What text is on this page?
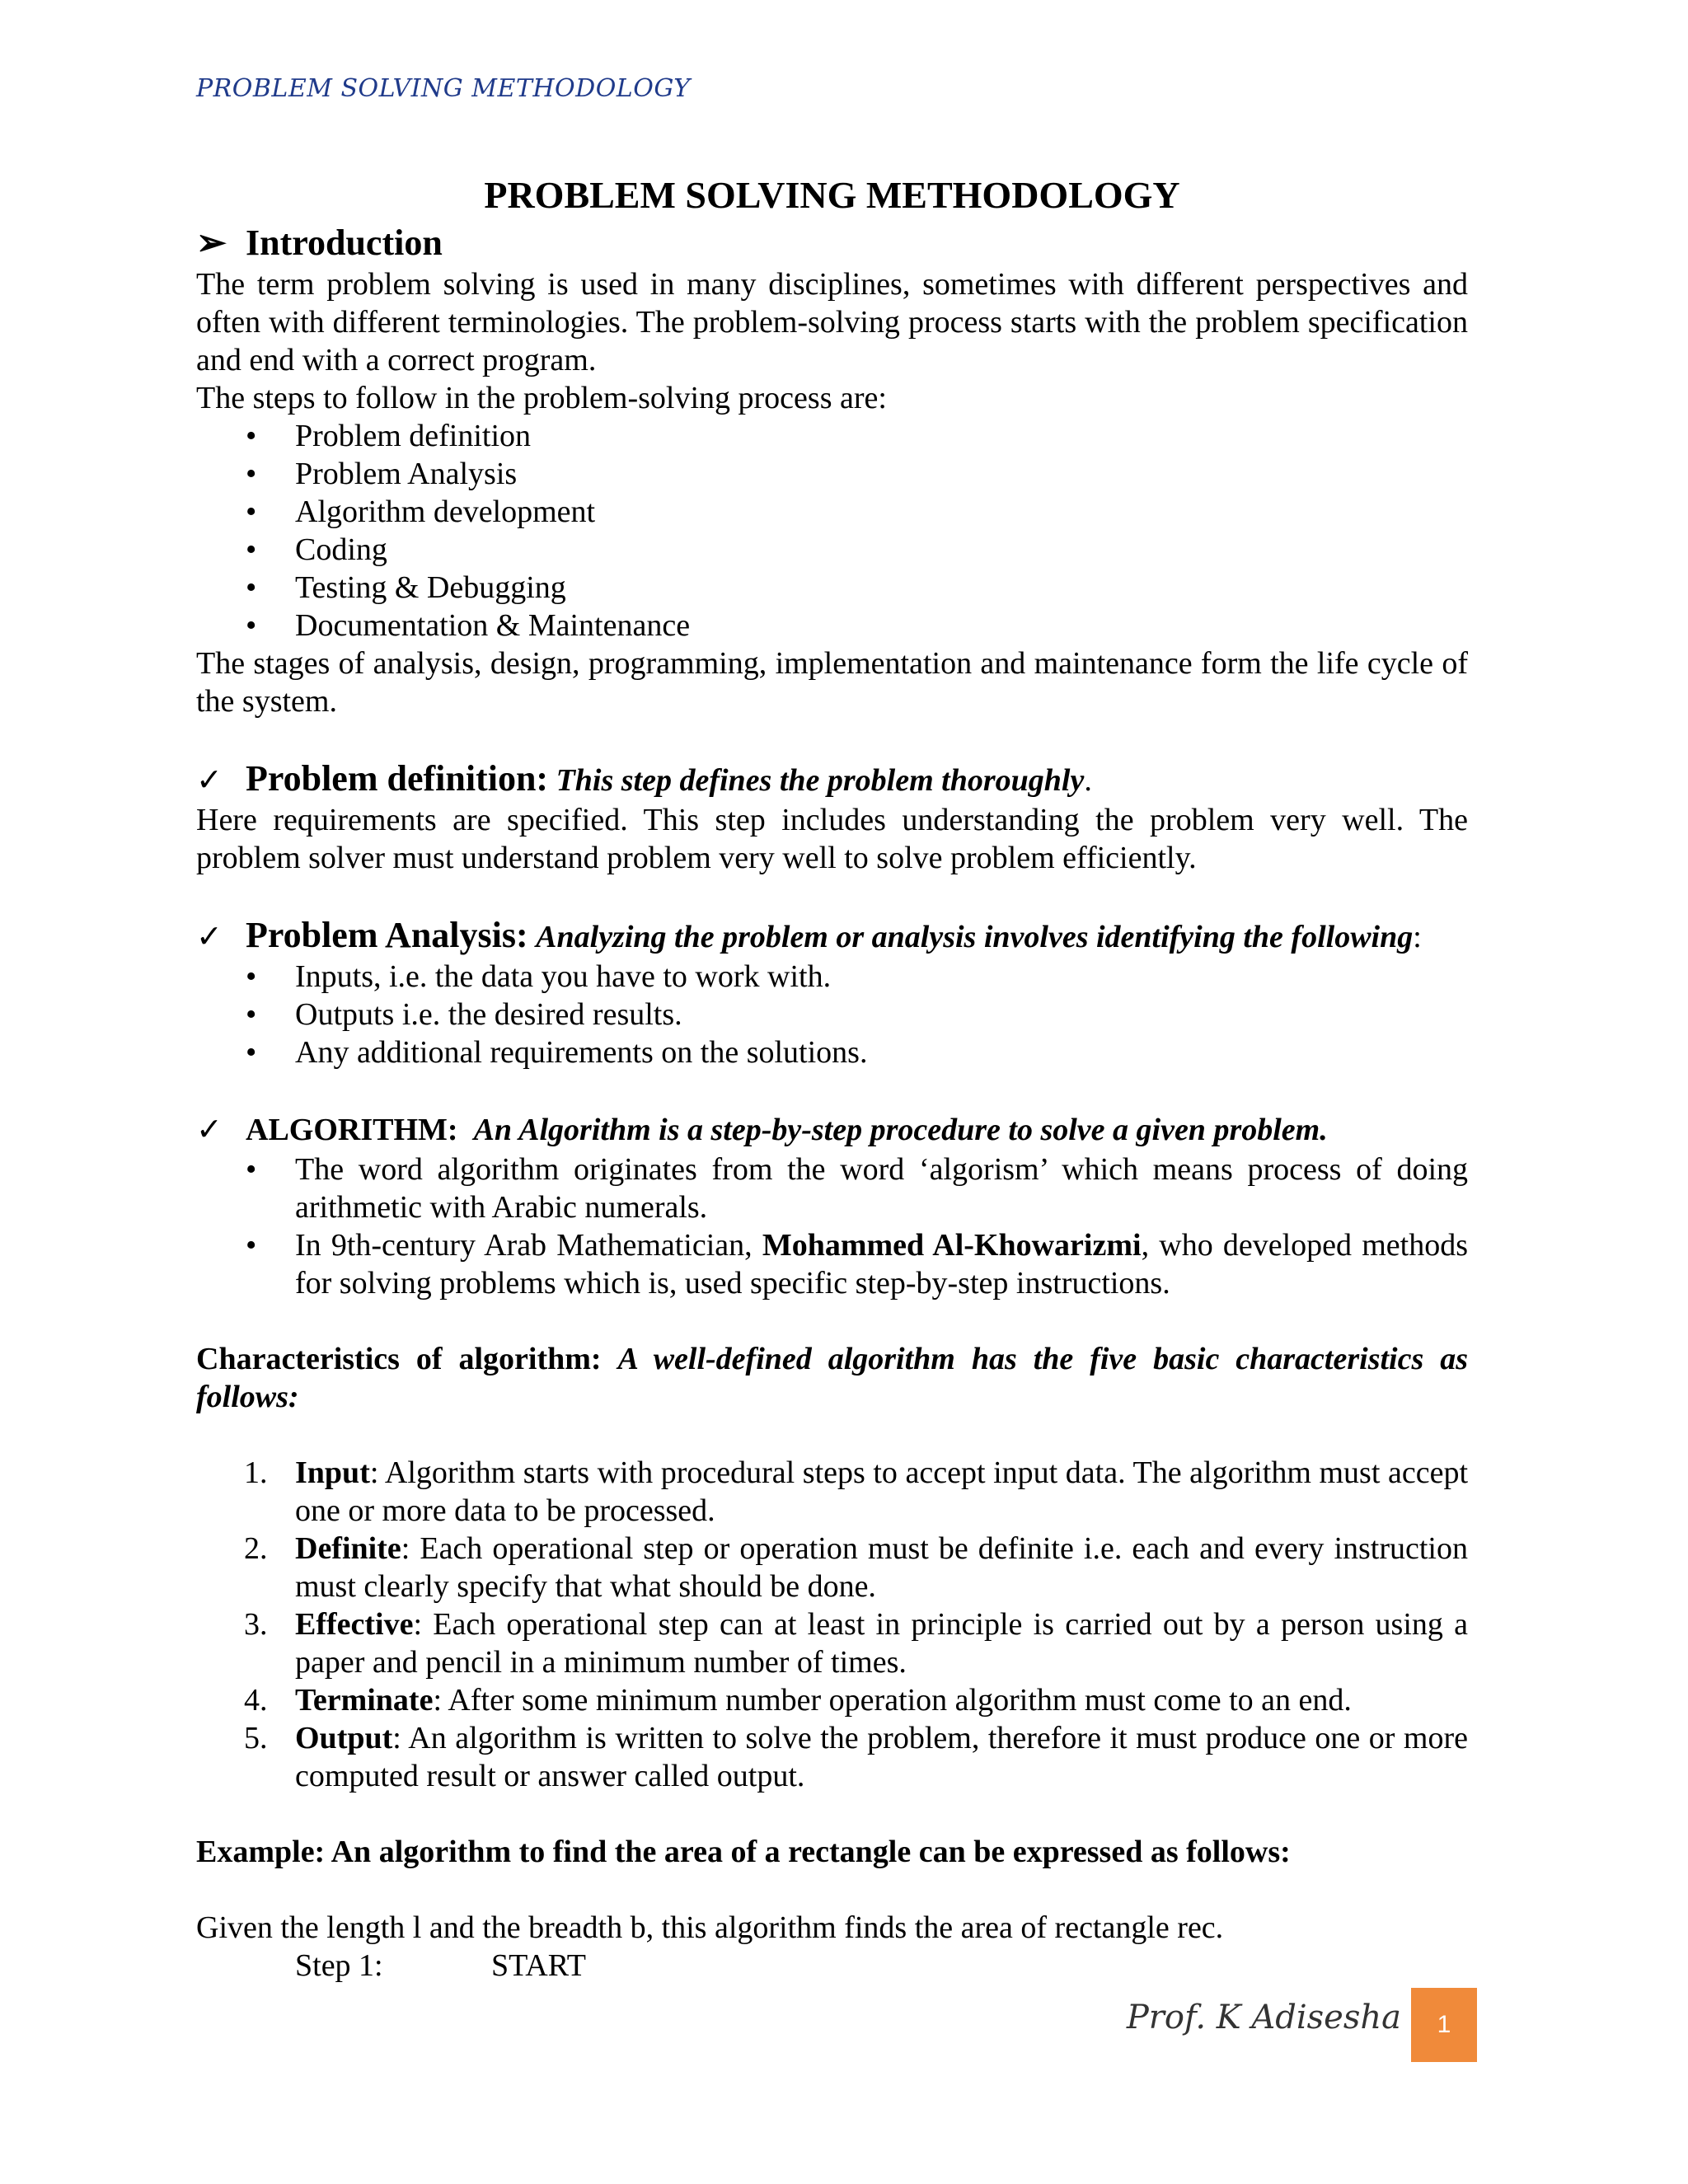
PROBLEM SOLVING METHODOLOGY
PROBLEM SOLVING METHODOLOGY
➢ Introduction

The term problem solving is used in many disciplines, sometimes with different perspectives and often with different terminologies. The problem-solving process starts with the problem specification and end with a correct program.

The steps to follow in the problem-solving process are:

•	Problem definition
•	Problem Analysis
•	Algorithm development
•	Coding
•	Testing & Debugging
•	Documentation & Maintenance

The stages of analysis, design, programming, implementation and maintenance form the life cycle of the system.

✓ Problem definition: This step defines the problem thoroughly.

Here requirements are specified. This step includes understanding the problem very well. The problem solver must understand problem very well to solve problem efficiently.

✓ Problem Analysis: Analyzing the problem or analysis involves identifying the following:
•	Inputs, i.e. the data you have to work with.
•	Outputs i.e. the desired results.
•	Any additional requirements on the solutions.
✓ ALGORITHM: An Algorithm is a step-by-step procedure to solve a given problem.
•	The word algorithm originates from the word ‘algorism’ which means process of doing arithmetic with Arabic numerals.
•	In 9th-century Arab Mathematician, Mohammed Al-Khowarizmi, who developed methods for solving problems which is, used specific step-by-step instructions.

Characteristics of algorithm: A well-defined algorithm has the five basic characteristics as follows:

1. Input: Algorithm starts with procedural steps to accept input data. The algorithm must accept one or more data to be processed.
2. Definite: Each operational step or operation must be definite i.e. each and every instruction must clearly specify that what should be done.
3. Effective: Each operational step can at least in principle is carried out by a person using a paper and pencil in a minimum number of times.
4. Terminate: After some minimum number operation algorithm must come to an end.
5. Output: An algorithm is written to solve the problem, therefore it must produce one or more computed result or answer called output.

Example: An algorithm to find the area of a rectangle can be expressed as follows:

Given the length l and the breadth b, this algorithm finds the area of rectangle rec.

Step 1:	START
Prof. K Adisesha	1
